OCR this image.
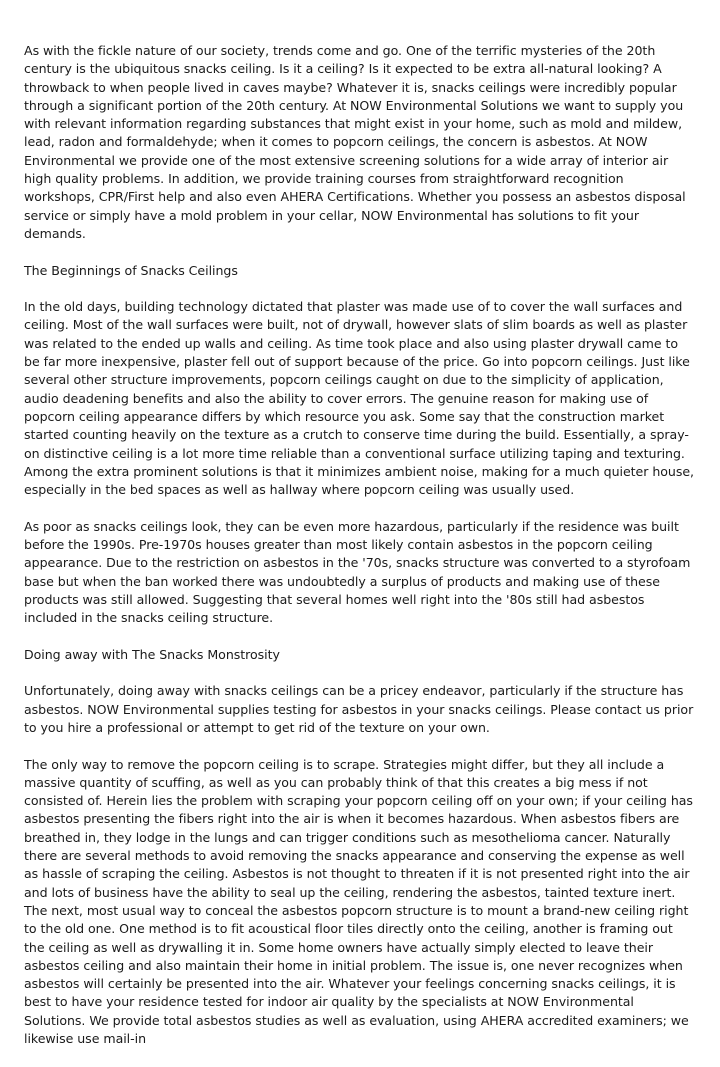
As with the fickle nature of our society, trends come and go. One of the terrific mysteries of the 20th century is the ubiquitous snacks ceiling. Is it a ceiling? Is it expected to be extra all-natural looking? A throwback to when people lived in caves maybe? Whatever it is, snacks ceilings were incredibly popular through a significant portion of the 20th century. At NOW Environmental Solutions we want to supply you with relevant information regarding substances that might exist in your home, such as mold and mildew, lead, radon and formaldehyde; when it comes to popcorn ceilings, the concern is asbestos. At NOW Environmental we provide one of the most extensive screening solutions for a wide array of interior air high quality problems. In addition, we provide training courses from straightforward recognition workshops, CPR/First help and also even AHERA Certifications. Whether you possess an asbestos disposal service or simply have a mold problem in your cellar, NOW Environmental has solutions to fit your demands.

The Beginnings of Snacks Ceilings

In the old days, building technology dictated that plaster was made use of to cover the wall surfaces and ceiling. Most of the wall surfaces were built, not of drywall, however slats of slim boards as well as plaster was related to the ended up walls and ceiling. As time took place and also using plaster drywall came to be far more inexpensive, plaster fell out of support because of the price. Go into popcorn ceilings. Just like several other structure improvements, popcorn ceilings caught on due to the simplicity of application, audio deadening benefits and also the ability to cover errors. The genuine reason for making use of popcorn ceiling appearance differs by which resource you ask. Some say that the construction market started counting heavily on the texture as a crutch to conserve time during the build. Essentially, a spray-on distinctive ceiling is a lot more time reliable than a conventional surface utilizing taping and texturing. Among the extra prominent solutions is that it minimizes ambient noise, making for a much quieter house, especially in the bed spaces as well as hallway where popcorn ceiling was usually used.

As poor as snacks ceilings look, they can be even more hazardous, particularly if the residence was built before the 1990s. Pre-1970s houses greater than most likely contain asbestos in the popcorn ceiling appearance. Due to the restriction on asbestos in the '70s, snacks structure was converted to a styrofoam base but when the ban worked there was undoubtedly a surplus of products and making use of these products was still allowed. Suggesting that several homes well right into the '80s still had asbestos included in the snacks ceiling structure.

Doing away with The Snacks Monstrosity

Unfortunately, doing away with snacks ceilings can be a pricey endeavor, particularly if the structure has asbestos. NOW Environmental supplies testing for asbestos in your snacks ceilings. Please contact us prior to you hire a professional or attempt to get rid of the texture on your own.

The only way to remove the popcorn ceiling is to scrape. Strategies might differ, but they all include a massive quantity of scuffing, as well as you can probably think of that this creates a big mess if not consisted of. Herein lies the problem with scraping your popcorn ceiling off on your own; if your ceiling has asbestos presenting the fibers right into the air is when it becomes hazardous. When asbestos fibers are breathed in, they lodge in the lungs and can trigger conditions such as mesothelioma cancer. Naturally there are several methods to avoid removing the snacks appearance and conserving the expense as well as hassle of scraping the ceiling. Asbestos is not thought to threaten if it is not presented right into the air and lots of business have the ability to seal up the ceiling, rendering the asbestos, tainted texture inert. The next, most usual way to conceal the asbestos popcorn structure is to mount a brand-new ceiling right to the old one. One method is to fit acoustical floor tiles directly onto the ceiling, another is framing out the ceiling as well as drywalling it in. Some home owners have actually simply elected to leave their asbestos ceiling and also maintain their home in initial problem. The issue is, one never recognizes when asbestos will certainly be presented into the air. Whatever your feelings concerning snacks ceilings, it is best to have your residence tested for indoor air quality by the specialists at NOW Environmental Solutions. We provide total asbestos studies as well as evaluation, using AHERA accredited examiners; we likewise use mail-in
